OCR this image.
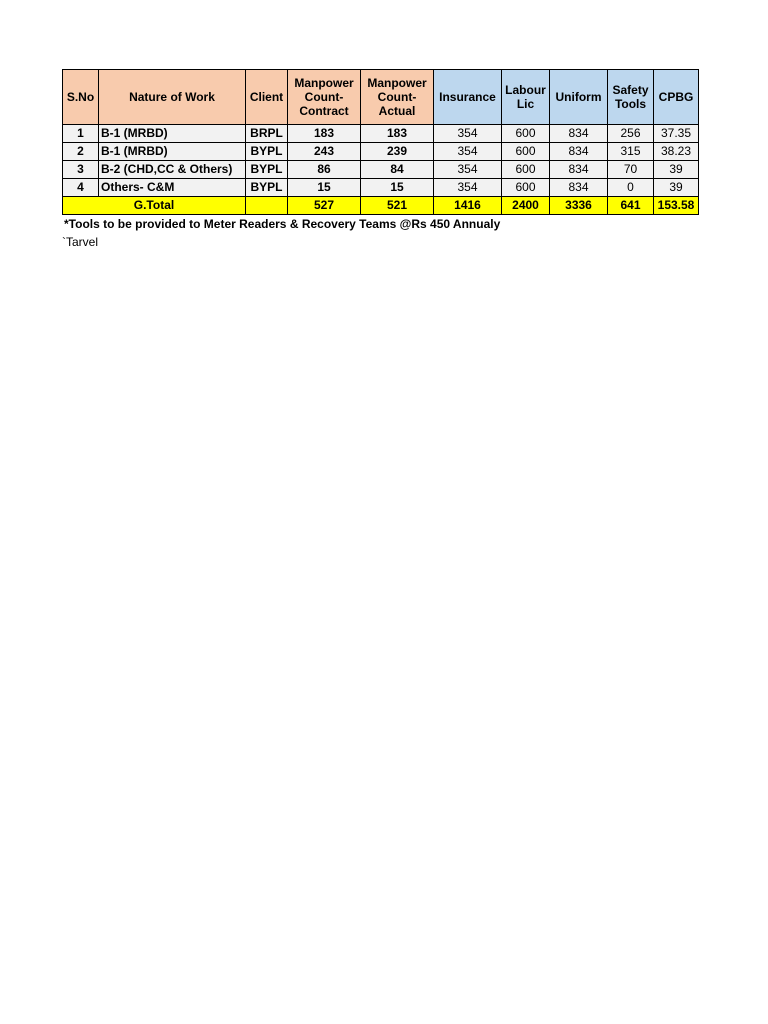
S.No	Nature of Work	Client	Manpower Count-Contract	Manpower Count-Actual	Insurance	Labour Lic	Uniform	Safety Tools	CPBG
1	B-1 (MRBD)	BRPL	183	183	354	600	834	256	37.35
2	B-1 (MRBD)	BYPL	243	239	354	600	834	315	38.23
3	B-2 (CHD,CC & Others)	BYPL	86	84	354	600	834	70	39
4	Others- C&M	BYPL	15	15	354	600	834	0	39
G.Total			527	521	1416	2400	3336	641	153.58
*Tools to be provided to Meter Readers & Recovery Teams @Rs 450 Annualy
`Tarvel
